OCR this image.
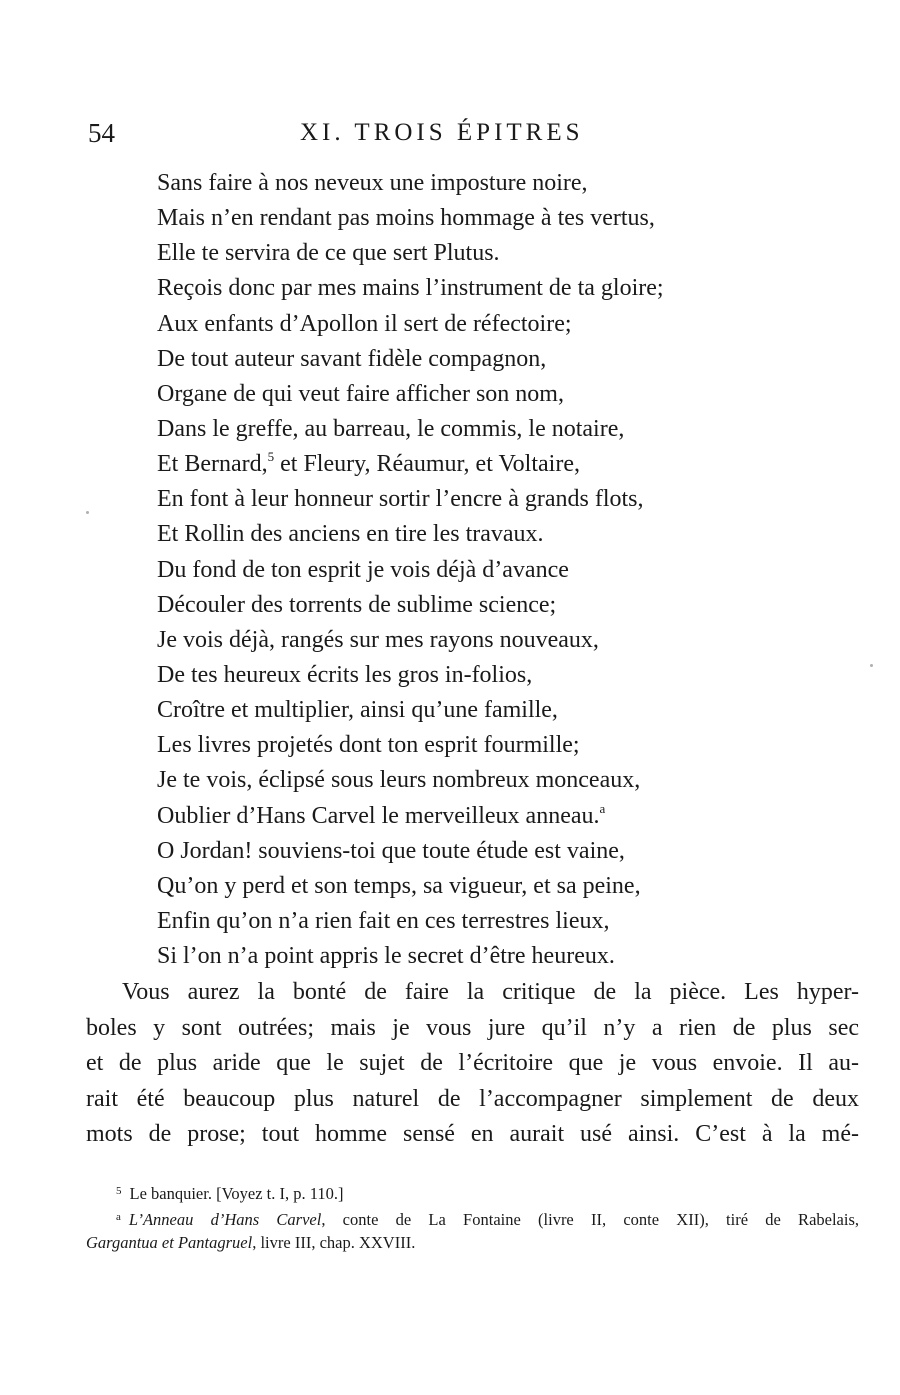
54	XI. TROIS ÉPITRES
Sans faire à nos neveux une imposture noire,
Mais n’en rendant pas moins hommage à tes vertus,
Elle te servira de ce que sert Plutus.
Reçois donc par mes mains l’instrument de ta gloire;
Aux enfants d’Apollon il sert de réfectoire;
De tout auteur savant fidèle compagnon,
Organe de qui veut faire afficher son nom,
Dans le greffe, au barreau, le commis, le notaire,
Et Bernard,$^5$ et Fleury, Réaumur, et Voltaire,
En font à leur honneur sortir l’encre à grands flots,
Et Rollin des anciens en tire les travaux.
Du fond de ton esprit je vois déjà d’avance
Découler des torrents de sublime science;
Je vois déjà, rangés sur mes rayons nouveaux,
De tes heureux écrits les gros in-folios,
Croître et multiplier, ainsi qu’une famille,
Les livres projetés dont ton esprit fourmille;
Je te vois, éclipsé sous leurs nombreux monceaux,
Oublier d’Hans Carvel le merveilleux anneau.$^a$
O Jordan! souviens-toi que toute étude est vaine,
Qu’on y perd et son temps, sa vigueur, et sa peine,
Enfin qu’on n’a rien fait en ces terrestres lieux,
Si l’on n’a point appris le secret d’être heureux.
Vous aurez la bonté de faire la critique de la pièce. Les hyper-
boles y sont outrées; mais je vous jure qu’il n’y a rien de plus sec
et de plus aride que le sujet de l’écritoire que je vous envoie. Il au-
rait été beaucoup plus naturel de l’accompagner simplement de deux
mots de prose; tout homme sensé en aurait usé ainsi. C’est à la mé-
$^5$ Le banquier. [Voyez t. I, p. 110.]
$^a$ L’Anneau d’Hans Carvel, conte de La Fontaine (livre II, conte XII), tiré de Rabelais,
Gargantua et Pantagruel, livre III, chap. XXVIII.
